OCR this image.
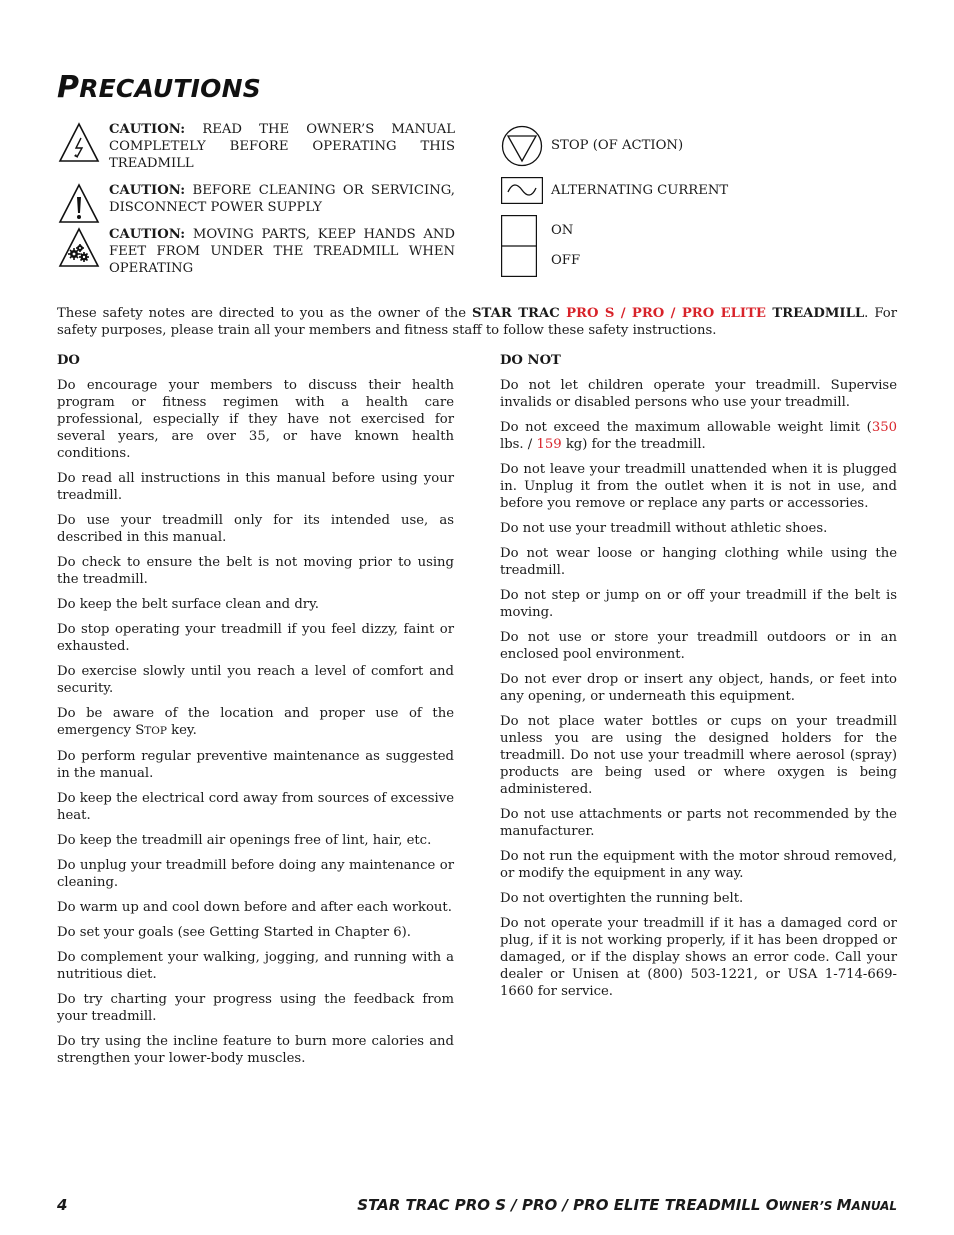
PRECAUTIONS
CAUTION: READ THE OWNER’S MANUAL COMPLETELY BEFORE OPERATING THIS TREADMILL
CAUTION: BEFORE CLEANING OR SERVICING, DISCONNECT POWER SUPPLY
CAUTION: MOVING PARTS, KEEP HANDS AND FEET FROM UNDER THE TREADMILL WHEN OPERATING
STOP (OF ACTION)
ALTERNATING CURRENT
ON
OFF
These safety notes are directed to you as the owner of the STAR TRAC PRO S / PRO / PRO ELITE TREADMILL. For safety purposes, please train all your members and fitness staff to follow these safety instructions.
DO

Do encourage your members to discuss their health program or fitness regimen with a health care professional, especially if they have not exercised for several years, are over 35, or have known health conditions.

Do read all instructions in this manual before using your treadmill.

Do use your treadmill only for its intended use, as described in this manual.

Do check to ensure the belt is not moving prior to using the treadmill.

Do keep the belt surface clean and dry.

Do stop operating your treadmill if you feel dizzy, faint or exhausted.

Do exercise slowly until you reach a level of comfort and security.

Do be aware of the location and proper use of the emergency STOP key.

Do perform regular preventive maintenance as suggested in the manual.

Do keep the electrical cord away from sources of excessive heat.

Do keep the treadmill air openings free of lint, hair, etc.

Do unplug your treadmill before doing any maintenance or cleaning.

Do warm up and cool down before and after each workout.

Do set your goals (see Getting Started in Chapter 6).

Do complement your walking, jogging, and running with a nutritious diet.

Do try charting your progress using the feedback from your treadmill.

Do try using the incline feature to burn more calories and strengthen your lower-body muscles.

DO NOT

Do not let children operate your treadmill. Supervise invalids or disabled persons who use your treadmill.

Do not exceed the maximum allowable weight limit (350 lbs. / 159 kg) for the treadmill.

Do not leave your treadmill unattended when it is plugged in. Unplug it from the outlet when it is not in use, and before you remove or replace any parts or accessories.

Do not use your treadmill without athletic shoes.

Do not wear loose or hanging clothing while using the treadmill.

Do not step or jump on or off your treadmill if the belt is moving.

Do not use or store your treadmill outdoors or in an enclosed pool environment.

Do not ever drop or insert any object, hands, or feet into any opening, or underneath this equipment.

Do not place water bottles or cups on your treadmill unless you are using the designed holders for the treadmill. Do not use your treadmill where aerosol (spray) products are being used or where oxygen is being administered.

Do not use attachments or parts not recommended by the manufacturer.

Do not run the equipment with the motor shroud removed, or modify the equipment in any way.

Do not overtighten the running belt.

Do not operate your treadmill if it has a damaged cord or plug, if it is not working properly, if it has been dropped or damaged, or if the display shows an error code. Call your dealer or Unisen at (800) 503-1221, or USA 1-714-669-1660 for service.

4	STAR TRAC PRO S / PRO / PRO ELITE TREADMILL OWNER’S MANUAL
